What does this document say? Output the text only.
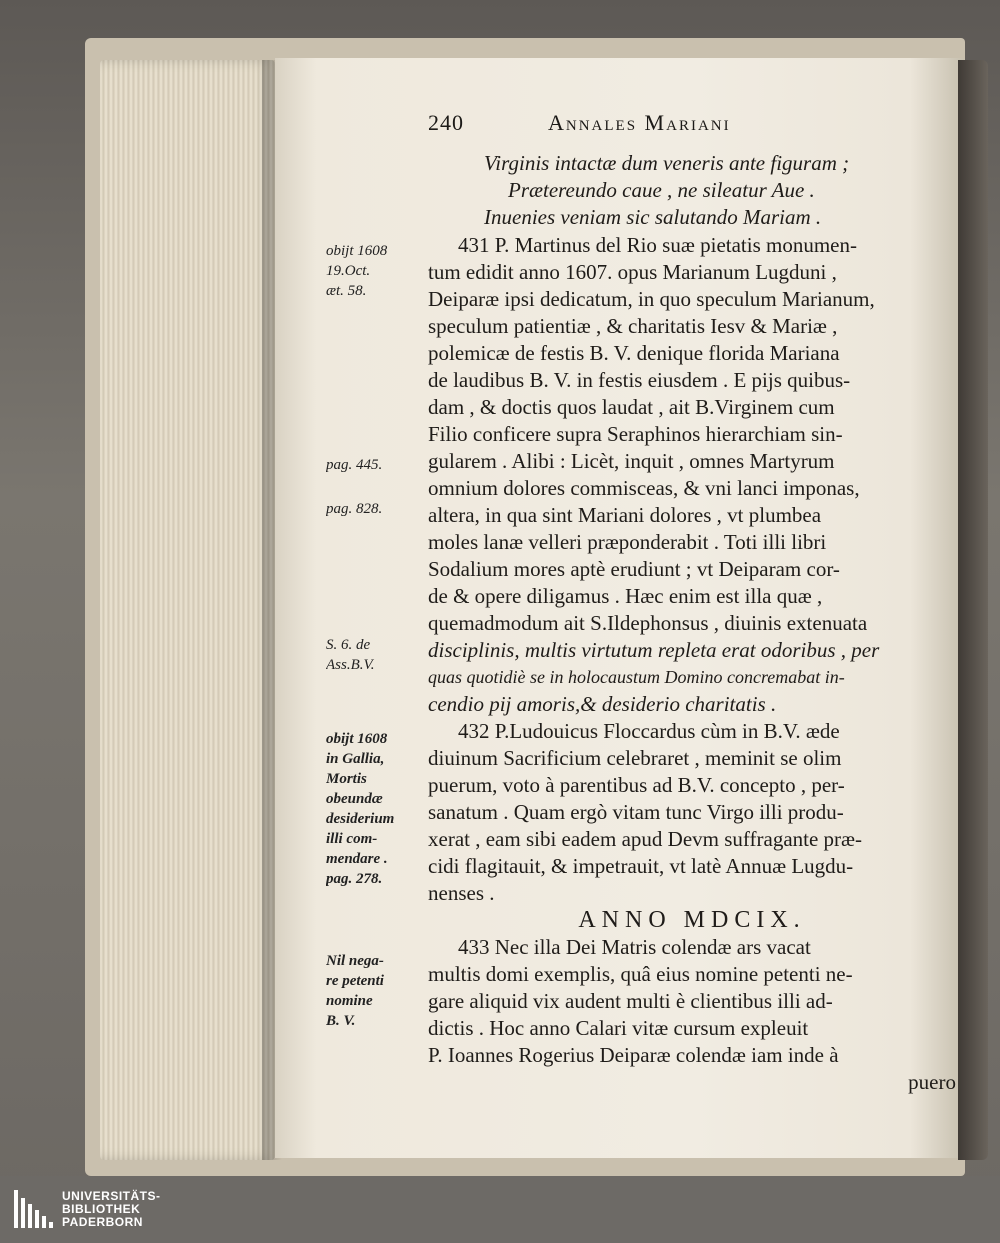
240	Annales Mariani
Virginis intactæ dum veneris ante figuram ;
Prætereundo caue , ne sileatur Aue .
Inuenies veniam sic salutando Mariam .
431 P. Martinus del Rio suæ pietatis monumen-
tum edidit anno 1607. opus Marianum Lugduni ,
Deiparæ ipsi dedicatum, in quo speculum Marianum,
speculum patientiæ , & charitatis Iesv & Mariæ ,
polemicæ de festis B. V. denique florida Mariana
de laudibus B. V. in festis eiusdem . E pijs quibus-
dam , & doctis quos laudat , ait B.Virginem cum
Filio conficere supra Seraphinos hierarchiam sin-
gularem . Alibi : Licèt, inquit , omnes Martyrum
omnium dolores commisceas, & vni lanci imponas,
altera, in qua sint Mariani dolores , vt plumbea
moles lanæ velleri præponderabit . Toti illi libri
Sodalium mores aptè erudiunt ; vt Deiparam cor-
de & opere diligamus . Hæc enim est illa quæ ,
quemadmodum ait S.Ildephonsus , diuinis extenuata
disciplinis, multis virtutum repleta erat odoribus , per
quas quotidiè se in holocaustum Domino concremabat in-
cendio pij amoris,& desiderio charitatis .
432 P.Ludouicus Floccardus cùm in B.V. æde
diuinum Sacrificium celebraret , meminit se olim
puerum, voto à parentibus ad B.V. concepto , per-
sanatum . Quam ergò vitam tunc Virgo illi produ-
xerat , eam sibi eadem apud Devm suffragante præ-
cidi flagitauit, & impetrauit, vt latè Annuæ Lugdu-
nenses .
ANNO MDCIX.
433 Nec illa Dei Matris colendæ ars vacat
multis domi exemplis, quâ eius nomine petenti ne-
gare aliquid vix audent multi è clientibus illi ad-
dictis . Hoc anno Calari vitæ cursum expleuit
P. Ioannes Rogerius Deiparæ colendæ iam inde à
puero
obijt 1608
19.Oct.
æt. 58.
pag. 445.
pag. 828.
S. 6. de
Ass.B.V.
obijt 1608
in Gallia,
Mortis
obeundæ
desiderium
illi com-
mendare .
pag. 278.
Nil nega-
re petenti
nomine
B. V.
UNIVERSITÄTS-
BIBLIOTHEK
PADERBORN
